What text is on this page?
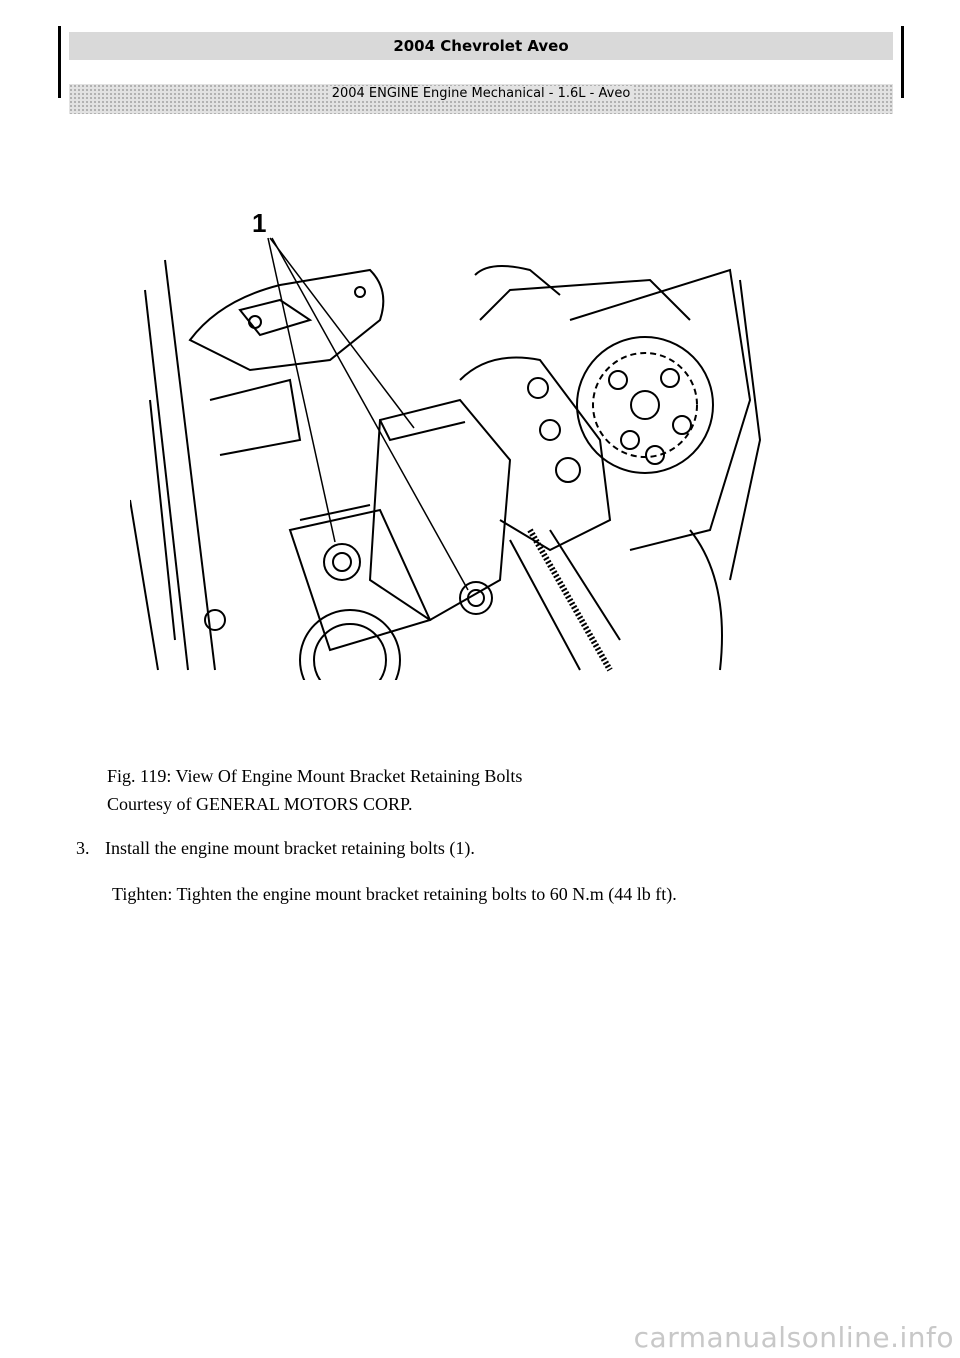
2004 Chevrolet Aveo
2004 ENGINE Engine Mechanical - 1.6L - Aveo
1
Fig. 119: View Of Engine Mount Bracket Retaining Bolts
Courtesy of GENERAL MOTORS CORP.
3. Install the engine mount bracket retaining bolts (1).
Tighten: Tighten the engine mount bracket retaining bolts to 60 N.m (44 lb ft).
carmanualsonline.info
